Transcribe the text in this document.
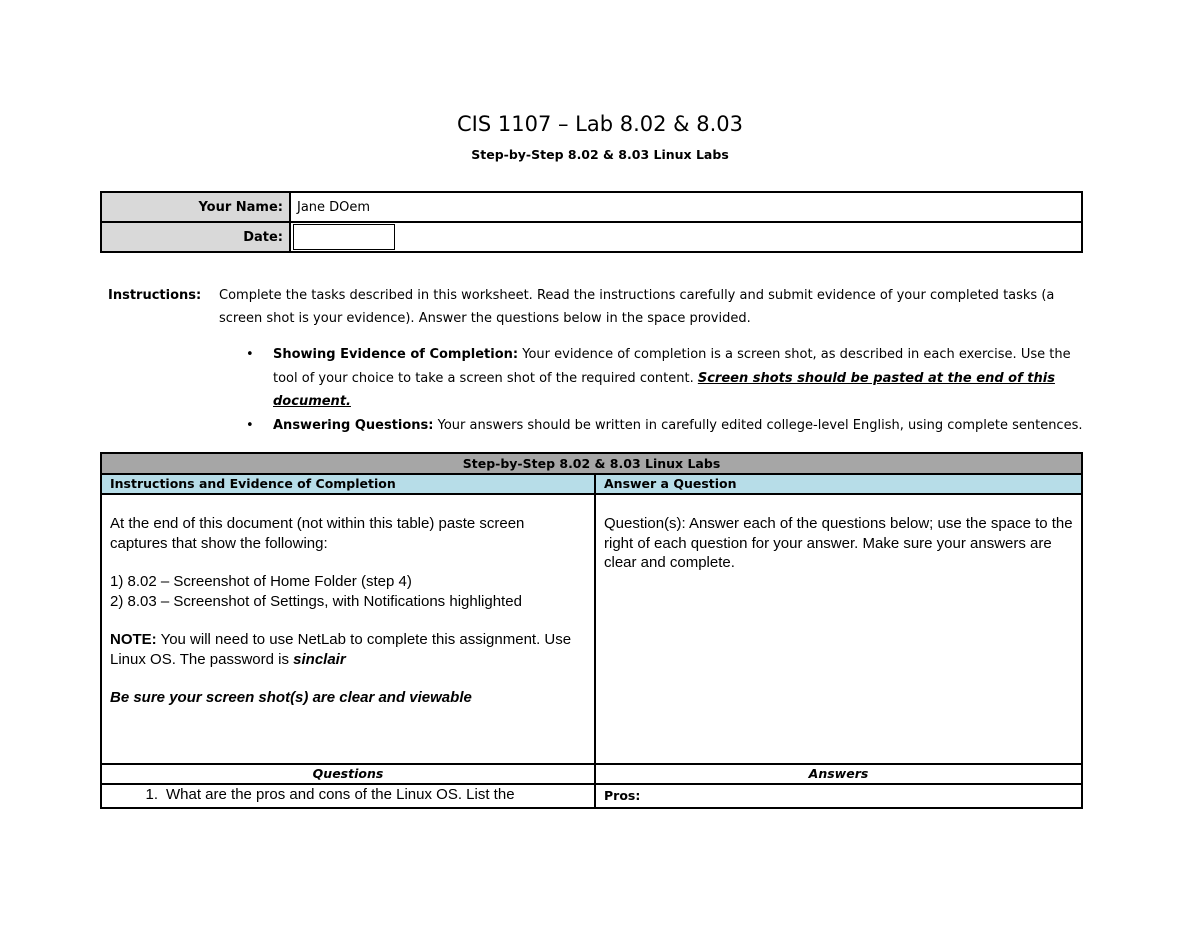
CIS 1107 – Lab 8.02 & 8.03
Step-by-Step 8.02 & 8.03 Linux Labs
Your Name:	Jane DOem
Date:	
Instructions: Complete the tasks described in this worksheet. Read the instructions carefully and submit evidence of your completed tasks (a screen shot is your evidence). Answer the questions below in the space provided.
• Showing Evidence of Completion: Your evidence of completion is a screen shot, as described in each exercise. Use the tool of your choice to take a screen shot of the required content. Screen shots should be pasted at the end of this document.
• Answering Questions: Your answers should be written in carefully edited college-level English, using complete sentences.
Step-by-Step 8.02 & 8.03 Linux Labs	
Instructions and Evidence of Completion	Answer a Question

At the end of this document (not within this table) paste screen captures that show the following:

1) 8.02 – Screenshot of Home Folder (step 4)

2) 8.03 – Screenshot of Settings, with Notifications highlighted

NOTE: You will need to use NetLab to complete this assignment. Use Linux OS. The password is sinclair

Be sure your screen shot(s) are clear and viewable	Question(s): Answer each of the questions below; use the space to the right of each question for your answer. Make sure your answers are clear and complete.

Questions	Answers
1. What are the pros and cons of the Linux OS. List the	Pros:
